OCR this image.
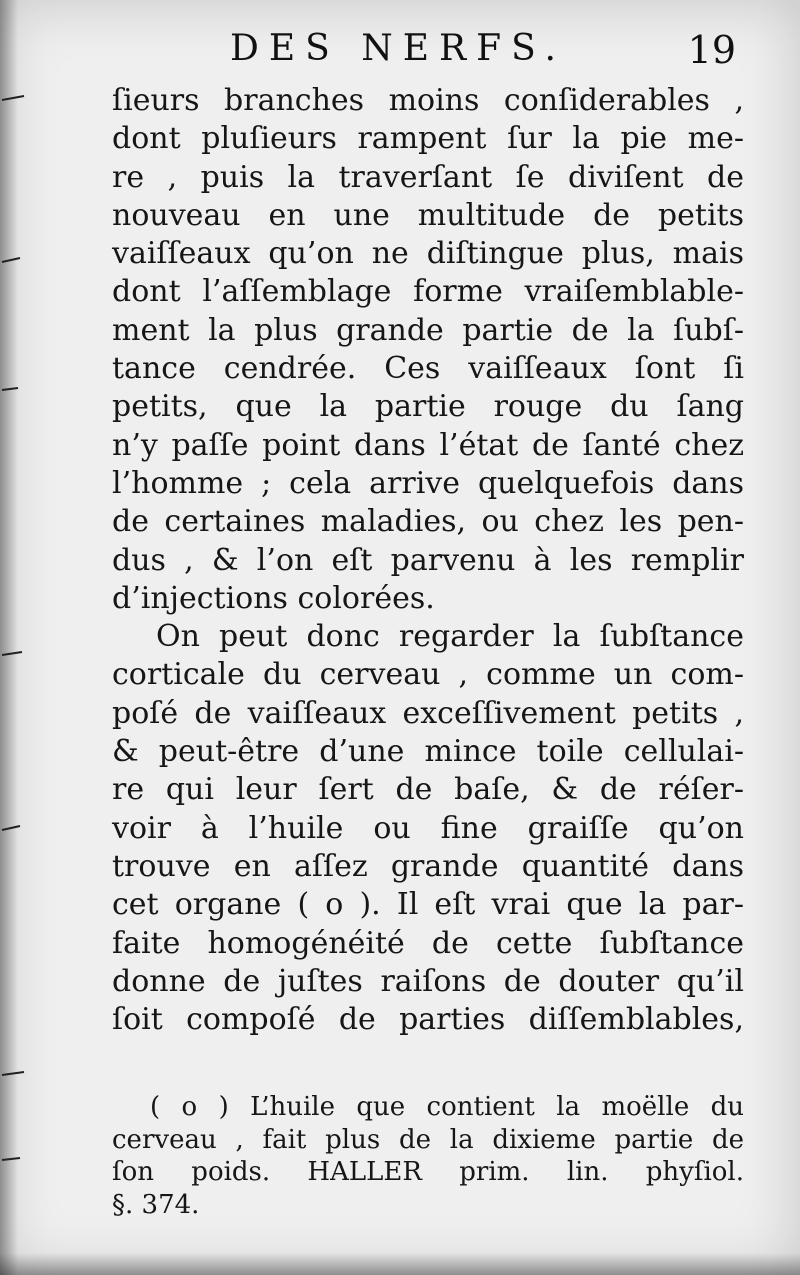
DES NERFS.	19
ſieurs branches moins conſiderables ,
dont pluſieurs rampent ſur la pie me-
re , puis la traverſant ſe diviſent de
nouveau en une multitude de petits
vaiſſeaux qu’on ne diſtingue plus, mais
dont l’aſſemblage forme vraiſemblable-
ment la plus grande partie de la ſubſ-
tance cendrée. Ces vaiſſeaux ſont ſi
petits, que la partie rouge du ſang
n’y paſſe point dans l’état de ſanté chez
l’homme ; cela arrive quelquefois dans
de certaines maladies, ou chez les pen-
dus , & l’on eſt parvenu à les remplir
d’injections colorées.
On peut donc regarder la ſubſtance
corticale du cerveau , comme un com-
poſé de vaiſſeaux exceſſivement petits ,
& peut-être d’une mince toile cellulai-
re qui leur ſert de baſe, & de réſer-
voir à l’huile ou fine graiſſe qu’on
trouve en aſſez grande quantité dans
cet organe ( o ). Il eſt vrai que la par-
faite homogénéité de cette ſubſtance
donne de juſtes raiſons de douter qu’il
ſoit compoſé de parties diſſemblables,
( o ) L’huile que contient la moëlle du
cerveau , fait plus de la dixieme partie de
ſon poids. HALLER prim. lin. phyſiol.
§. 374.
